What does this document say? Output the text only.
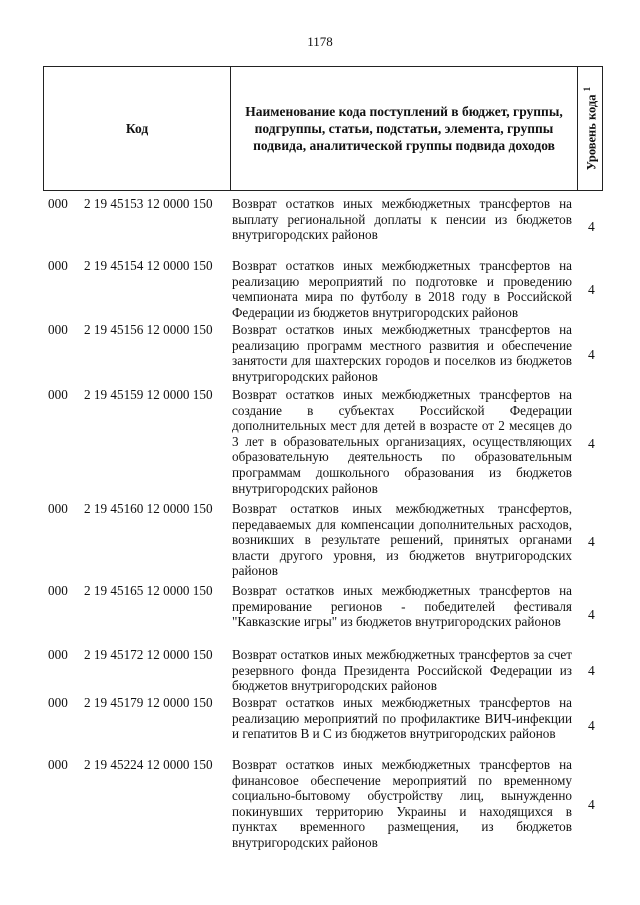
1178
Код
Наименование кода поступлений в бюджет, группы, подгруппы, статьи, подстатьи, элемента, группы подвида, аналитической группы подвида доходов	Уровень кода $^1$
000 2 19 45153 12 0000 150 Возврат остатков иных межбюджетных трансфертов на выплату региональной доплаты к пенсии из бюджетов внутригородских районов
4
000 2 19 45154 12 0000 150 Возврат остатков иных межбюджетных трансфертов на реализацию мероприятий по подготовке и проведению чемпионата мира по футболу в 2018 году в Российской Федерации из бюджетов внутригородских районов
4
000 2 19 45156 12 0000 150 Возврат остатков иных межбюджетных трансфертов на реализацию программ местного развития и обеспечение занятости для шахтерских городов и поселков из бюджетов внутригородских районов
4
000 2 19 45159 12 0000 150 Возврат остатков иных межбюджетных трансфертов на создание в субъектах Российской Федерации дополнительных мест для детей в возрасте от 2 месяцев до 3 лет в образовательных организациях, осуществляющих образовательную деятельность по образовательным программам дошкольного образования из бюджетов внутригородских районов
4
000 2 19 45160 12 0000 150 Возврат остатков иных межбюджетных трансфертов, передаваемых для компенсации дополнительных расходов, возникших в результате решений, принятых органами власти другого уровня, из бюджетов внутригородских районов
4
000 2 19 45165 12 0000 150 Возврат остатков иных межбюджетных трансфертов на премирование регионов - победителей фестиваля "Кавказские игры" из бюджетов внутригородских районов	4
000 2 19 45172 12 0000 150 Возврат остатков иных межбюджетных трансфертов за счет резервного фонда Президента Российской Федерации из бюджетов внутригородских районов
4
000 2 19 45179 12 0000 150 Возврат остатков иных межбюджетных трансфертов на реализацию мероприятий по профилактике ВИЧ-инфекции и гепатитов В и С из бюджетов внутригородских районов
4
000 2 19 45224 12 0000 150 Возврат остатков иных межбюджетных трансфертов на финансовое обеспечение мероприятий по временному социально-бытовому обустройству лиц, вынужденно покинувших территорию Украины и находящихся в пунктах временного размещения, из бюджетов внутригородских районов
4
